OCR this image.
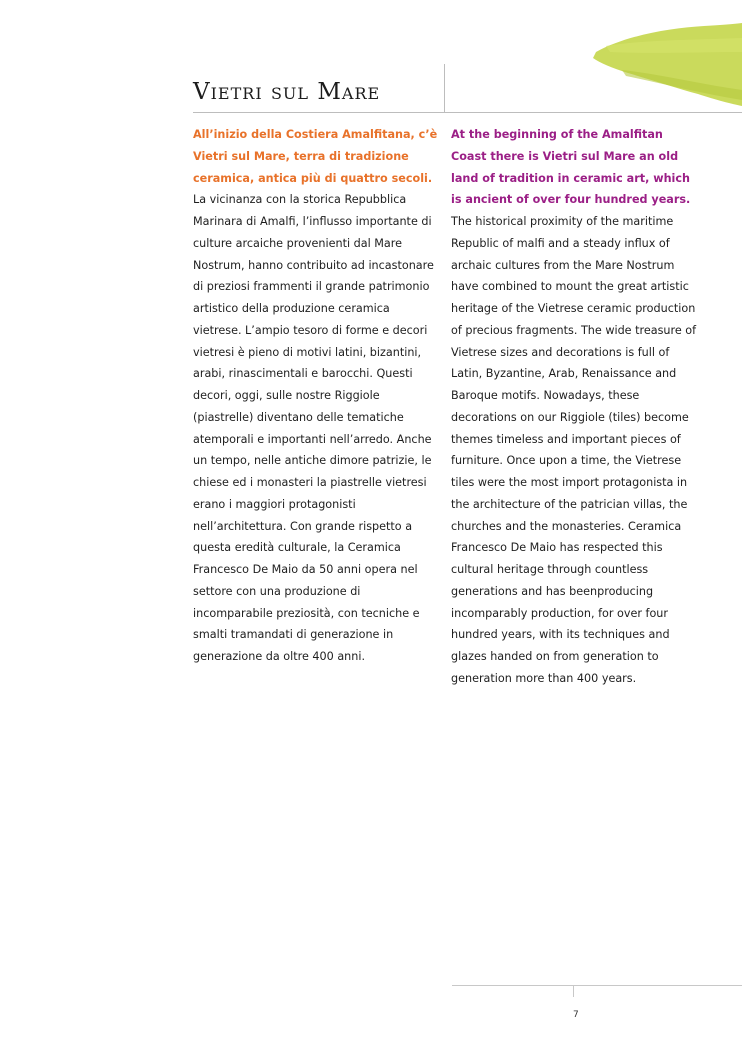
Vietri sul Mare

All’inizio della Costiera Amalfitana, c’è Vietri sul Mare, terra di tradizione ceramica, antica più di quattro secoli. La vicinanza con la storica Repubblica Marinara di Amalfi, l’influsso importante di culture arcaiche provenienti dal Mare Nostrum, hanno contribuito ad incastonare di preziosi frammenti il grande patrimonio artistico della produzione ceramica vietrese. L’ampio tesoro di forme e decori vietresi è pieno di motivi latini, bizantini, arabi, rinascimentali e barocchi. Questi decori, oggi, sulle nostre Riggiole (piastrelle) diventano delle tematiche atemporali e importanti nell’arredo. Anche un tempo, nelle antiche dimore patrizie, le chiese ed i monasteri la piastrelle vietresi erano i maggiori protagonisti nell’architettura. Con grande rispetto a questa eredità culturale, la Ceramica Francesco De Maio da 50 anni opera nel settore con una produzione di incomparabile preziosità, con tecniche e smalti tramandati di generazione in generazione da oltre 400 anni.

At the beginning of the Amalfitan Coast there is Vietri sul Mare an old land of tradition in ceramic art, which is ancient of over four hundred years. The historical proximity of the maritime Republic of malfi and a steady influx of archaic cultures from the Mare Nostrum have combined to mount the great artistic heritage of the Vietrese ceramic production of precious fragments. The wide treasure of Vietrese sizes and decorations is full of Latin, Byzantine, Arab, Renaissance and Baroque motifs. Nowadays, these decorations on our Riggiole (tiles) become themes timeless and important pieces of furniture. Once upon a time, the Vietrese tiles were the most import protagonista in the architecture of the patrician villas, the churches and the monasteries. Ceramica Francesco De Maio has respected this cultural heritage through countless generations and has beenproducing incomparably production, for over four hundred years, with its techniques and glazes handed on from generation to generation more than 400 years.

7
